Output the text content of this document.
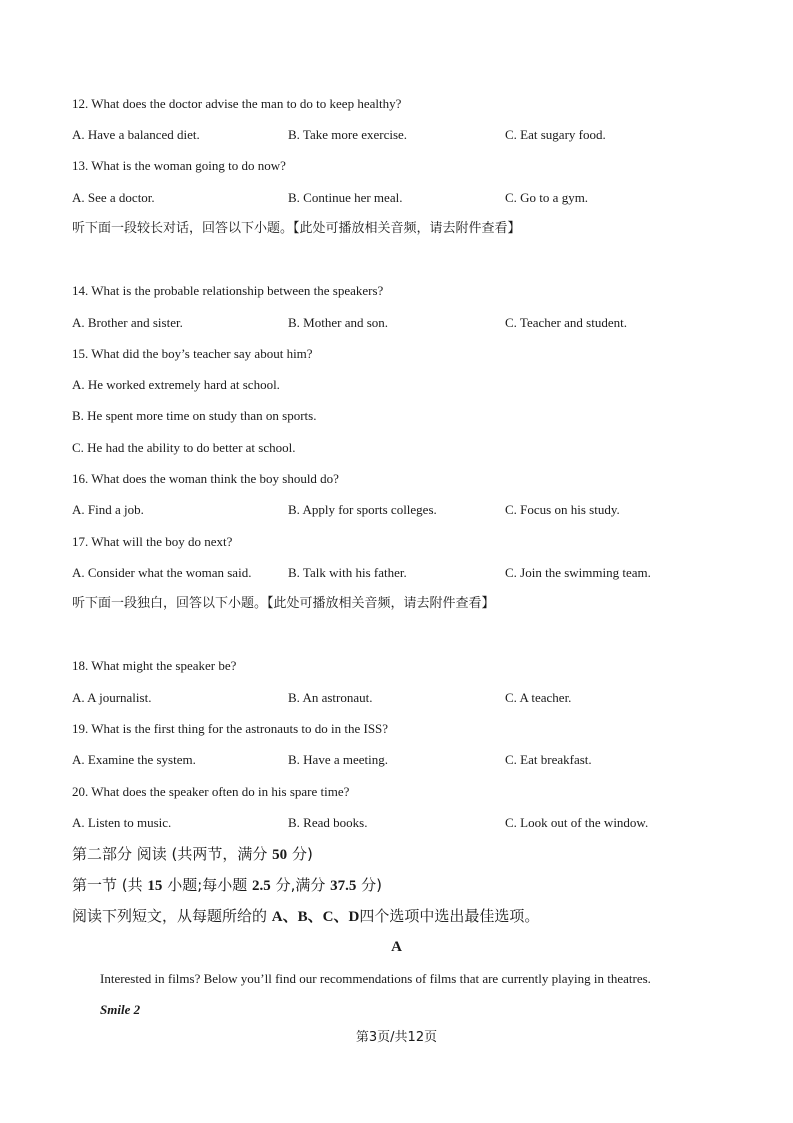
12. What does the doctor advise the man to do to keep healthy?
A. Have a balanced diet.	B. Take more exercise.	C. Eat sugary food.
13. What is the woman going to do now?
A. See a doctor.	B. Continue her meal.	C. Go to a gym.
听下面一段较长对话，回答以下小题。【此处可播放相关音频，请去附件查看】
14. What is the probable relationship between the speakers?
A. Brother and sister.	B. Mother and son.	C. Teacher and student.
15. What did the boy’s teacher say about him?
A. He worked extremely hard at school.
B. He spent more time on study than on sports.
C. He had the ability to do better at school.
16. What does the woman think the boy should do?
A. Find a job.	B. Apply for sports colleges.	C. Focus on his study.
17. What will the boy do next?
A. Consider what the woman said.	B. Talk with his father.	C. Join the swimming team.
听下面一段独白，回答以下小题。【此处可播放相关音频，请去附件查看】
18. What might the speaker be?
A. A journalist.	B. An astronaut.	C. A teacher.
19. What is the first thing for the astronauts to do in the ISS?
A. Examine the system.	B. Have a meeting.	C. Eat breakfast.
20. What does the speaker often do in his spare time?
A. Listen to music.	B. Read books.	C. Look out of the window.
第二部分 阅读 (共两节，满分 50 分)
第一节 (共 15 小题;每小题 2.5 分,满分 37.5 分)
阅读下列短文，从每题所给的 A、B、C、D四个选项中选出最佳选项。
A
Interested in films? Below you’ll find our recommendations of films that are currently playing in theatres.
Smile 2
第3页/共12页
